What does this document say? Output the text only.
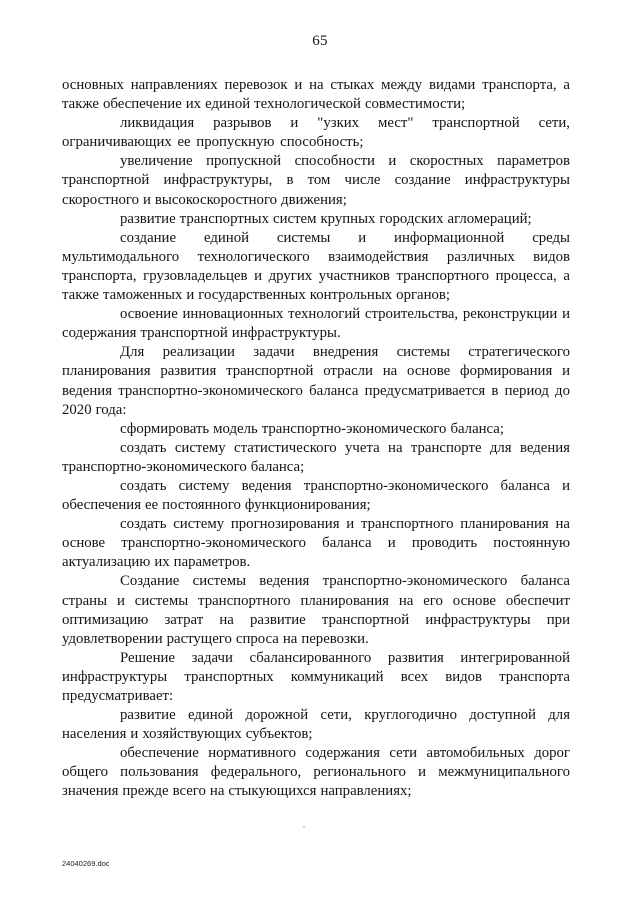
65

основных направлениях перевозок и на стыках между видами транспорта, а также обеспечение их единой технологической совместимости;

ликвидация разрывов и "узких мест" транспортной сети, ограничивающих ее пропускную способность;

увеличение пропускной способности и скоростных параметров транспортной инфраструктуры, в том числе создание инфраструктуры скоростного и высокоскоростного движения;

развитие транспортных систем крупных городских агломераций;

создание единой системы и информационной среды мультимодального технологического взаимодействия различных видов транспорта, грузовладельцев и других участников транспортного процесса, а также таможенных и государственных контрольных органов;

освоение инновационных технологий строительства, реконструкции и содержания транспортной инфраструктуры.

Для реализации задачи внедрения системы стратегического планирования развития транспортной отрасли на основе формирования и ведения транспортно-экономического баланса предусматривается в период до 2020 года:

сформировать модель транспортно-экономического баланса;

создать систему статистического учета на транспорте для ведения транспортно-экономического баланса;

создать систему ведения транспортно-экономического баланса и обеспечения ее постоянного функционирования;

создать систему прогнозирования и транспортного планирования на основе транспортно-экономического баланса и проводить постоянную актуализацию их параметров.

Создание системы ведения транспортно-экономического баланса страны и системы транспортного планирования на его основе обеспечит оптимизацию затрат на развитие транспортной инфраструктуры при удовлетворении растущего спроса на перевозки.

Решение задачи сбалансированного развития интегрированной инфраструктуры транспортных коммуникаций всех видов транспорта предусматривает:

развитие единой дорожной сети, круглогодично доступной для населения и хозяйствующих субъектов;

обеспечение нормативного содержания сети автомобильных дорог общего пользования федерального, регионального и межмуниципального значения прежде всего на стыкующихся направлениях;

24040269.doc
